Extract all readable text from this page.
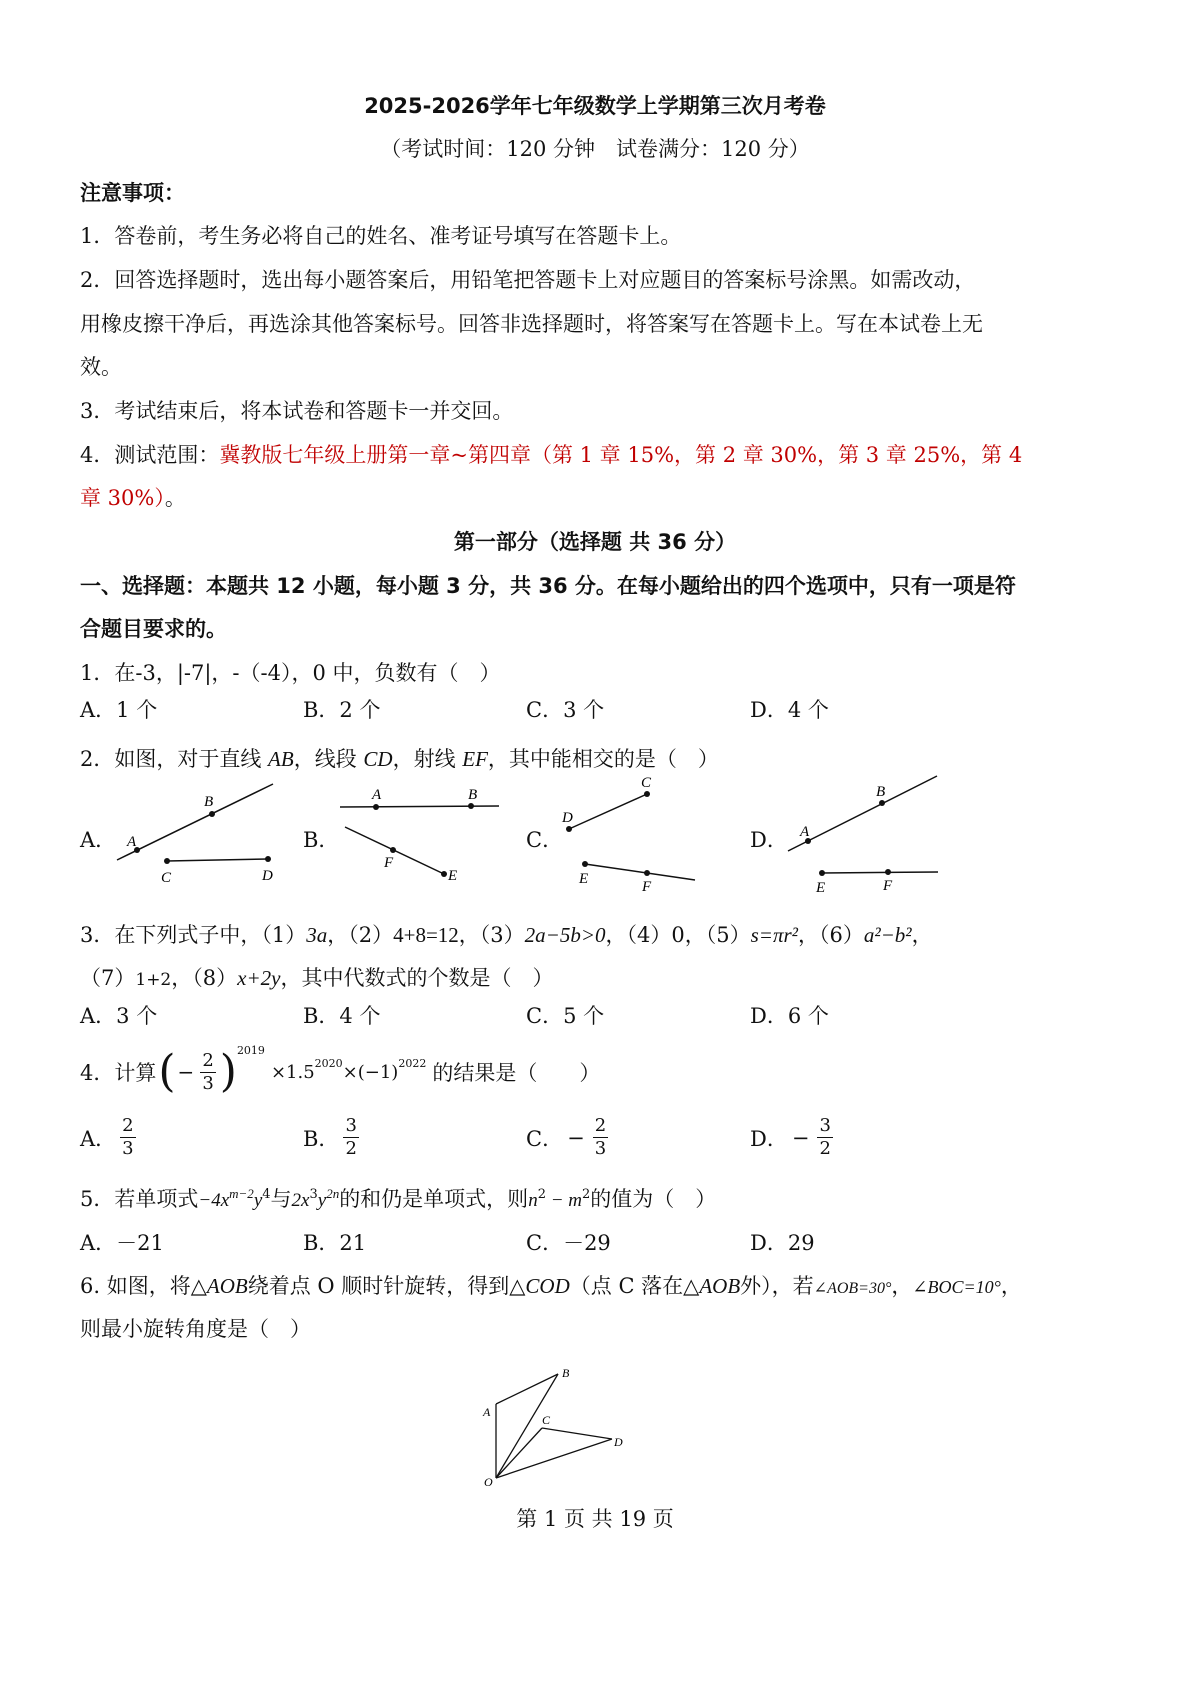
2025-2026学年七年级数学上学期第三次月考卷
（考试时间：120 分钟　试卷满分：120 分）
注意事项：
1．答卷前，考生务必将自己的姓名、准考证号填写在答题卡上。
2．回答选择题时，选出每小题答案后，用铅笔把答题卡上对应题目的答案标号涂黑。如需改动，
用橡皮擦干净后，再选涂其他答案标号。回答非选择题时，将答案写在答题卡上。写在本试卷上无
效。
3．考试结束后，将本试卷和答题卡一并交回。
4．测试范围：冀教版七年级上册第一章~第四章（第 1 章 15%，第 2 章 30%，第 3 章 25%，第 4
章 30%）。
第一部分（选择题 共 36 分）
一、选择题：本题共 12 小题，每小题 3 分，共 36 分。在每小题给出的四个选项中，只有一项是符
合题目要求的。
1．在-3，|-7|，-（-4），0 中，负数有（　）
A．1 个	B．2 个	C．3 个	D．4 个
2．如图，对于直线 AB，线段 CD，射线 EF，其中能相交的是（　）
A．	B．	C．	D．
A
B
C	D
A	B
F
E
D
C
E	F
A
B
E	F
3．在下列式子中，（1）3a，（2）4+8=12，（3）2a−5b>0，（4）0，（5）s=πr²，（6）a²−b²，
（7）1+2，（8）x+2y，其中代数式的个数是（　）
A．3 个	B．4 个	C．5 个	D．6 个
4．计算 ( − $\frac{2}{3}$ ) 2019
×1.5 2020 ×(−1) 2022 的结果是（　　）
A． $\frac{2}{3}$	B． $\frac{3}{2}$	C． − $\frac{2}{3}$	D． − $\frac{3}{2}$
5．若单项式$-4x^{m-2}y^4$与$2x^3y^{2n}$的和仍是单项式，则$n^2 - m^2$的值为（　）
A．－21	B．21	C．－29	D．29
6. 如图，将△AOB绕着点 O 顺时针旋转，得到△COD（点 C 落在△AOB外），若∠AOB=30°，∠BOC=10°，
则最小旋转角度是（　）
A
B
C
D
O
第 1 页 共 19 页
